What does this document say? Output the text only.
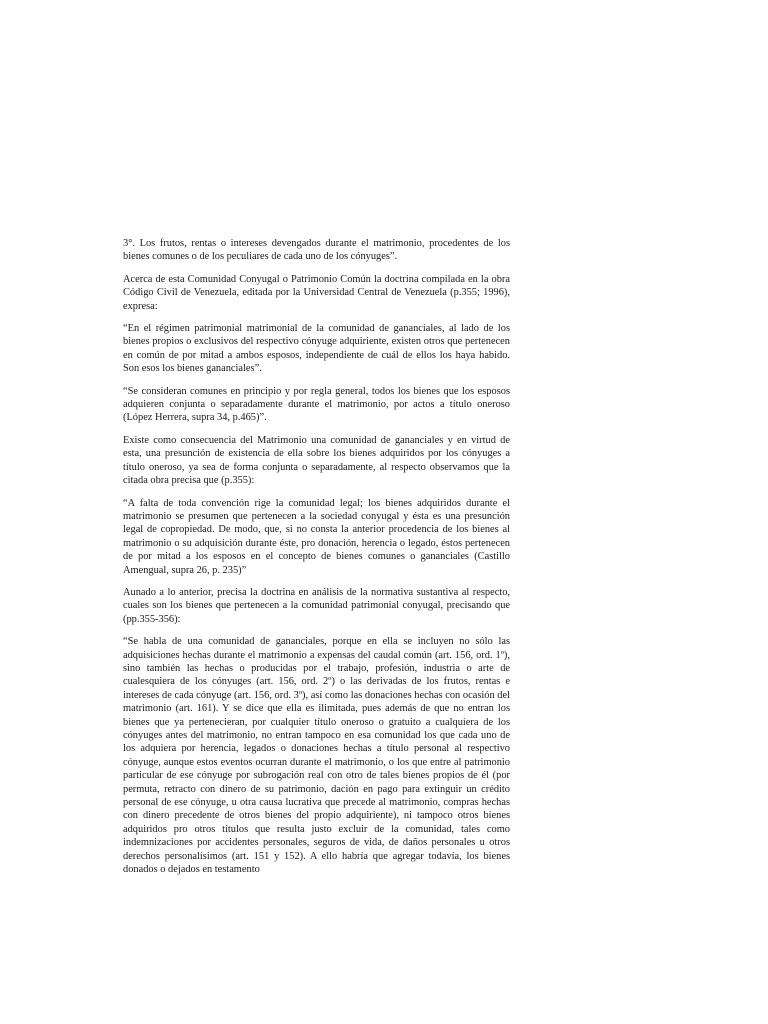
3°. Los frutos, rentas o intereses devengados durante el matrimonio, procedentes de los bienes comunes o de los peculiares de cada uno de los cónyuges”.

Acerca de esta Comunidad Conyugal o Patrimonio Común la doctrina compilada en la obra Código Civil de Venezuela, editada por la Universidad Central de Venezuela (p.355; 1996), expresa:

“En el régimen patrimonial matrimonial de la comunidad de gananciales, al lado de los bienes propios o exclusivos del respectivo cónyuge adquiriente, existen otros que pertenecen en común de por mitad a ambos esposos, independiente de cuál de ellos los haya habido. Son esos los bienes gananciales”.

“Se consideran comunes en principio y por regla general, todos los bienes que los esposos adquieren conjunta o separadamente durante el matrimonio, por actos a título oneroso (López Herrera, supra 34, p.465)”.

Existe como consecuencia del Matrimonio una comunidad de gananciales y en virtud de esta, una presunción de existencia de ella sobre los bienes adquiridos por los cónyuges a título oneroso, ya sea de forma conjunta o separadamente, al respecto observamos que la citada obra precisa que (p.355):

“A falta de toda convención rige la comunidad legal; los bienes adquiridos durante el matrimonio se presumen que pertenecen a la sociedad conyugal y ésta es una presunción legal de copropiedad. De modo, que, si no consta la anterior procedencia de los bienes al matrimonio o su adquisición durante éste, pro donación, herencia o legado, éstos pertenecen de por mitad a los esposos en el concepto de bienes comunes o gananciales (Castillo Amengual, supra 26, p. 235)”

Aunado a lo anterior, precisa la doctrina en análisis de la normativa sustantiva al respecto, cuales son los bienes que pertenecen a la comunidad patrimonial conyugal, precisando que (pp.355-356):

“Se habla de una comunidad de gananciales, porque en ella se incluyen no sólo las adquisiciones hechas durante el matrimonio a expensas del caudal común (art. 156, ord. 1º), sino también las hechas o producidas por el trabajo, profesión, industria o arte de cualesquiera de los cónyuges (art. 156, ord. 2º) o las derivadas de los frutos, rentas e intereses de cada cónyuge (art. 156, ord. 3º), así como las donaciones hechas con ocasión del matrimonio (art. 161). Y se dice que ella es ilimitada, pues además de que no entran los bienes que ya pertenecieran, por cualquier título oneroso o gratuito a cualquiera de los cónyuges antes del matrimonio, no entran tampoco en esa comunidad los que cada uno de los adquiera por herencia, legados o donaciones hechas a título personal al respectivo cónyuge, aunque estos eventos ocurran durante el matrimonio, o los que entre al patrimonio particular de ese cónyuge por subrogación real con otro de tales bienes propios de él (por permuta, retracto con dinero de su patrimonio, dación en pago para extinguir un crédito personal de ese cónyuge, u otra causa lucrativa que precede al matrimonio, compras hechas con dinero precedente de otros bienes del propio adquiriente), ni tampoco otros bienes adquiridos pro otros títulos que resulta justo excluir de la comunidad, tales como indemnizaciones por accidentes personales, seguros de vida, de daños personales u otros derechos personalísimos (art. 151 y 152). A ello habría que agregar todavía, los bienes donados o dejados en testamento
